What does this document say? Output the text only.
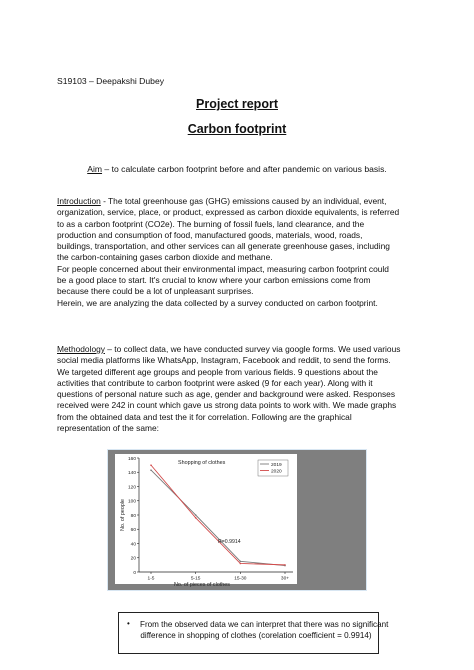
S19103 – Deepakshi Dubey
Project report
Carbon footprint
Aim – to calculate carbon footprint before and after pandemic on various basis.
Introduction - The total greenhouse gas (GHG) emissions caused by an individual, event,
organization, service, place, or product, expressed as carbon dioxide equivalents, is referred
to as a carbon footprint (CO2e). The burning of fossil fuels, land clearance, and the
production and consumption of food, manufactured goods, materials, wood, roads,
buildings, transportation, and other services can all generate greenhouse gases, including
the carbon-containing gases carbon dioxide and methane.
For people concerned about their environmental impact, measuring carbon footprint could
be a good place to start. It's crucial to know where your carbon emissions come from
because there could be a lot of unpleasant surprises.
Herein, we are analyzing the data collected by a survey conducted on carbon footprint.
Methodology – to collect data, we have conducted survey via google forms. We used various
social media platforms like WhatsApp, Instagram, Facebook and reddit, to send the forms.
We targeted different age groups and people from various fields. 9 questions about the
activities that contribute to carbon footprint were asked (9 for each year). Along with it
questions of personal nature such as age, gender and background were asked. Responses
received were 242 in count which gave us strong data points to work with. We made graphs
from the obtained data and test the it for correlation. Following are the graphical
representation of the same:
0
20
40
60
80
100
120
140
160
1-5	5-15	15-30	30+
No. of pieces of clothes
No. of people
Shopping of clothes	2019
2020
R=0.9914
• From the observed data we can interpret that there was no significant
difference in shopping of clothes (corelation coefficient = 0.9914)
